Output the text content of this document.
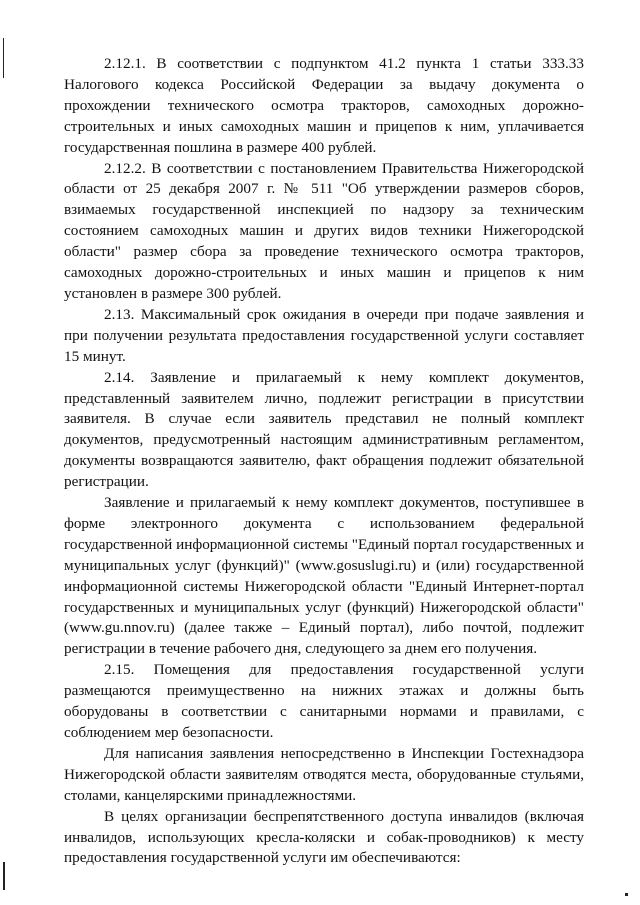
2.12.1. В соответствии с подпунктом 41.2 пункта 1 статьи 333.33 Налогового кодекса Российской Федерации за выдачу документа о прохождении технического осмотра тракторов, самоходных дорожно-строительных и иных самоходных машин и прицепов к ним, уплачивается государственная пошлина в размере 400 рублей.

2.12.2. В соответствии с постановлением Правительства Нижегородской области от 25 декабря 2007 г. № 511 "Об утверждении размеров сборов, взимаемых государственной инспекцией по надзору за техническим состоянием самоходных машин и других видов техники Нижегородской области" размер сбора за проведение технического осмотра тракторов, самоходных дорожно-строительных и иных машин и прицепов к ним установлен в размере 300 рублей.

2.13. Максимальный срок ожидания в очереди при подаче заявления и при получении результата предоставления государственной услуги составляет 15 минут.

2.14. Заявление и прилагаемый к нему комплект документов, представленный заявителем лично, подлежит регистрации в присутствии заявителя. В случае если заявитель представил не полный комплект документов, предусмотренный настоящим административным регламентом, документы возвращаются заявителю, факт обращения подлежит обязательной регистрации.

Заявление и прилагаемый к нему комплект документов, поступившее в форме электронного документа с использованием федеральной государственной информационной системы "Единый портал государственных и муниципальных услуг (функций)" (www.gosuslugi.ru) и (или) государственной информационной системы Нижегородской области "Единый Интернет-портал государственных и муниципальных услуг (функций) Нижегородской области" (www.gu.nnov.ru) (далее также – Единый портал), либо почтой, подлежит регистрации в течение рабочего дня, следующего за днем его получения.

2.15. Помещения для предоставления государственной услуги размещаются преимущественно на нижних этажах и должны быть оборудованы в соответствии с санитарными нормами и правилами, с соблюдением мер безопасности.

Для написания заявления непосредственно в Инспекции Гостехнадзора Нижегородской области заявителям отводятся места, оборудованные стульями, столами, канцелярскими принадлежностями.

В целях организации беспрепятственного доступа инвалидов (включая инвалидов, использующих кресла-коляски и собак-проводников) к месту предоставления государственной услуги им обеспечиваются:
